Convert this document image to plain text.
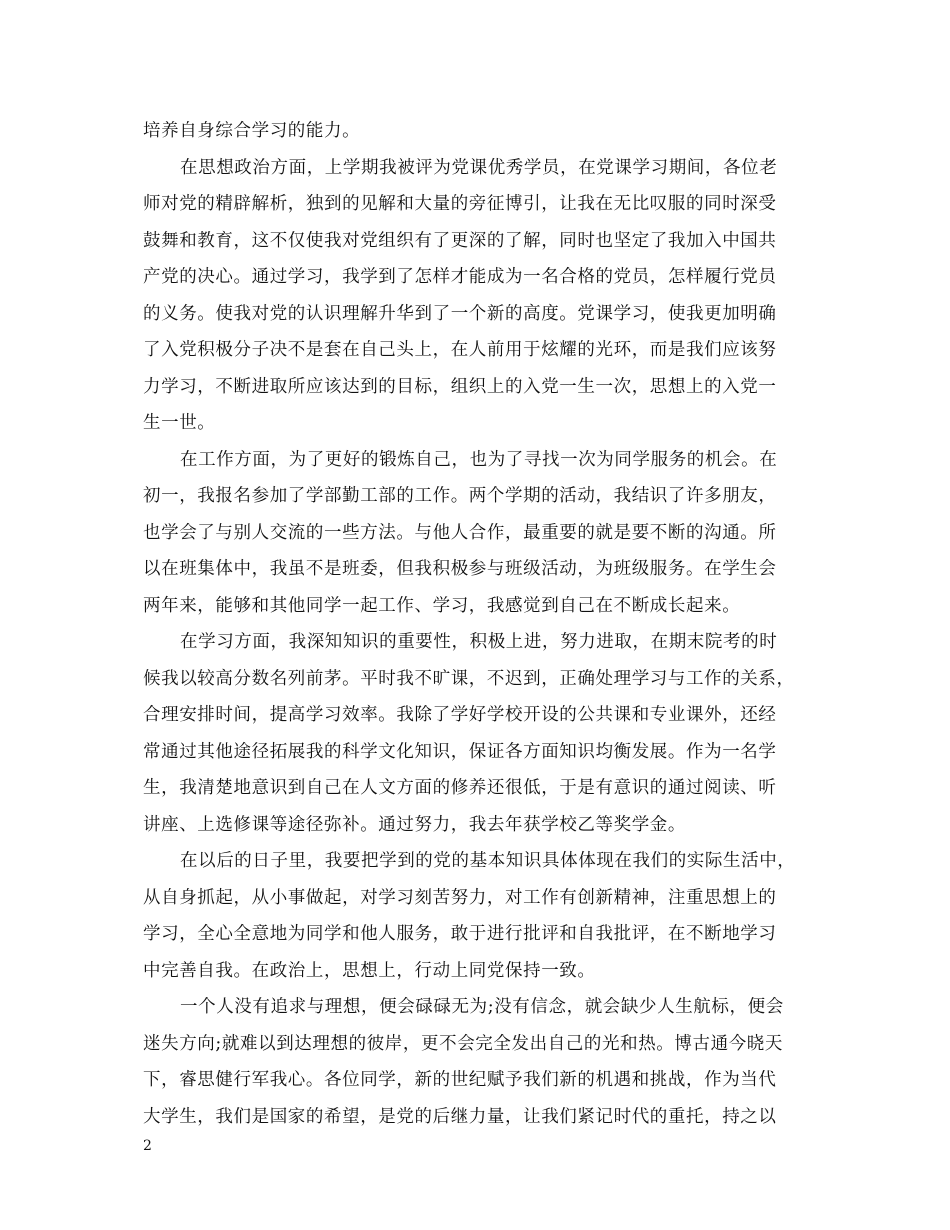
培养自身综合学习的能力。
在思想政治方面，上学期我被评为党课优秀学员，在党课学习期间，各位老
师对党的精辟解析，独到的见解和大量的旁征博引，让我在无比叹服的同时深受
鼓舞和教育，这不仅使我对党组织有了更深的了解，同时也坚定了我加入中国共
产党的决心。通过学习，我学到了怎样才能成为一名合格的党员，怎样履行党员
的义务。使我对党的认识理解升华到了一个新的高度。党课学习，使我更加明确
了入党积极分子决不是套在自己头上，在人前用于炫耀的光环，而是我们应该努
力学习，不断进取所应该达到的目标，组织上的入党一生一次，思想上的入党一
生一世。
在工作方面，为了更好的锻炼自己，也为了寻找一次为同学服务的机会。在
初一，我报名参加了学部勤工部的工作。两个学期的活动，我结识了许多朋友，
也学会了与别人交流的一些方法。与他人合作，最重要的就是要不断的沟通。所
以在班集体中，我虽不是班委，但我积极参与班级活动，为班级服务。在学生会
两年来，能够和其他同学一起工作、学习，我感觉到自己在不断成长起来。
在学习方面，我深知知识的重要性，积极上进，努力进取，在期末院考的时
候我以较高分数名列前茅。平时我不旷课，不迟到，正确处理学习与工作的关系，
合理安排时间，提高学习效率。我除了学好学校开设的公共课和专业课外，还经
常通过其他途径拓展我的科学文化知识，保证各方面知识均衡发展。作为一名学
生，我清楚地意识到自己在人文方面的修养还很低，于是有意识的通过阅读、听
讲座、上选修课等途径弥补。通过努力，我去年获学校乙等奖学金。
在以后的日子里，我要把学到的党的基本知识具体体现在我们的实际生活中，
从自身抓起，从小事做起，对学习刻苦努力，对工作有创新精神，注重思想上的
学习，全心全意地为同学和他人服务，敢于进行批评和自我批评，在不断地学习
中完善自我。在政治上，思想上，行动上同党保持一致。
一个人没有追求与理想，便会碌碌无为;没有信念，就会缺少人生航标，便会
迷失方向;就难以到达理想的彼岸，更不会完全发出自己的光和热。博古通今晓天
下，睿思健行军我心。各位同学，新的世纪赋予我们新的机遇和挑战，作为当代
大学生，我们是国家的希望，是党的后继力量，让我们紧记时代的重托，持之以
2
